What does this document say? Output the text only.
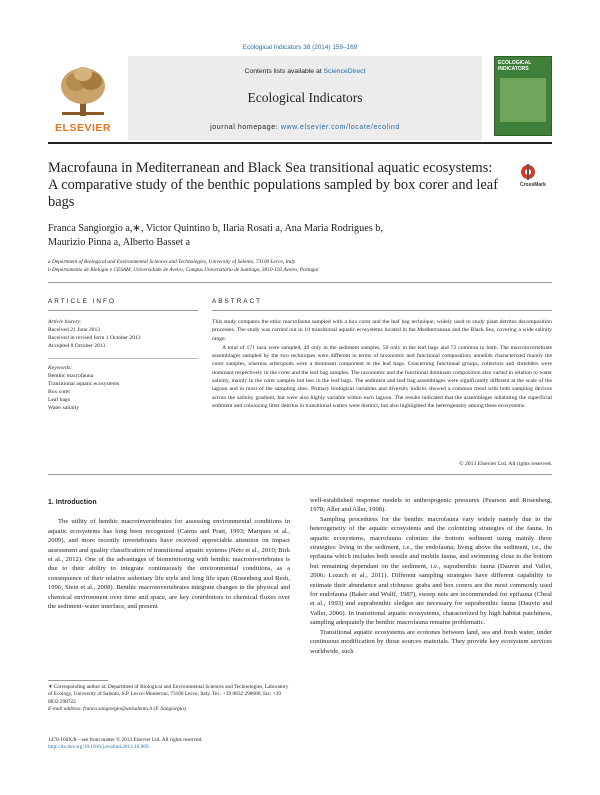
Ecological Indicators 38 (2014) 159–169
ELSEVIER
Contents lists available at ScienceDirect
Ecological Indicators
journal homepage: www.elsevier.com/locate/ecolind
ECOLOGICAL INDICATORS
Macrofauna in Mediterranean and Black Sea transitional aquatic ecosystems: A comparative study of the benthic populations sampled by box corer and leaf bags
CrossMark
Franca Sangiorgio a,∗, Victor Quintino b, Ilaria Rosati a, Ana Maria Rodrigues b,
Maurizio Pinna a, Alberto Basset a
a Department of Biological and Environmental Sciences and Technologies, University of Salento, 73100 Lecce, Italy
b Departamento de Biologia e CESAM, Universidade de Aveiro, Campus Universitário de Santiago, 3810-193 Aveiro, Portugal
ARTICLE INFO	ABSTRACT
Article history:
Received 21 June 2013
Received in revised form 1 October 2013
Accepted 8 October 2013
Keywords:
Benthic macrofauna
Transitional aquatic ecosystems
Box corer
Leaf bags
Water salinity

This study compares the ethic macrofauna sampled with a box corer and the leaf bag technique, widely used to study plant detritus decomposition processes. The study was carried out in 10 transitional aquatic ecosystems located in the Mediterranean and the Black Sea, covering a wide salinity range.

A total of 171 taxa were sampled, 49 only in the sediment samples, 50 only in the leaf bags and 72 common to both. The macroinvertebrate assemblages sampled by the two techniques were different in terms of taxonomic and functional composition; annelids characterized mainly the corer samples, whereas arthropods were a dominant component in the leaf bags. Concerning functional groups, collectors and shredders were dominant respectively in the corer and the leaf bag samples. The taxonomic and the functional dominant composition also varied in relation to water salinity, mainly in the corer samples but less in the leaf bags. The sediment and leaf bag assemblages were significantly different at the scale of the lagoon and in most of the sampling sites. Primary biological variables and diversity indices showed a common trend with both sampling devices across the salinity gradient, but were also highly variable within each lagoon. The results indicated that the assemblages inhabiting the superficial sediment and colonizing litter detritus in transitional waters were distinct, but also highlighted the heterogeneity among these ecosystems.

© 2013 Elsevier Ltd. All rights reserved.

1. Introduction

The utility of benthic macroinvertebrates for assessing environmental conditions in aquatic ecosystems has long been recognized (Cairns and Pratt, 1993; Marques et al., 2009), and more recently invertebrates have received appreciable attention on impact assessment and quality classification of transitional aquatic systems (Neto et al., 2010; Birk et al., 2012). One of the advantages of biomonitoring with benthic macroinvertebrates is due to their ability to integrate continuously the environmental conditions, as a consequence of their relative sedentary life style and long life span (Rosenberg and Resh, 1996; Stein et al., 2008). Benthic macroinvertebrates integrate changes in the physical and chemical environment over time and space, are key contributors to chemical fluxes over the sediment–water interface, and present

well-established response models to anthropogenic pressures (Pearson and Rosenberg, 1978; Aller and Aller, 1998).

Sampling procedures for the benthic macrofauna vary widely namely due to the heterogeneity of the aquatic ecosystems and the colonizing strategies of the fauna. In aquatic ecosystems, macrofauna colonize the bottom sediment using mainly three strategies: living in the sediment, i.e., the endofauna; living above the sediment, i.e., the epifauna which includes both sessile and mobile fauna, and swimming close to the bottom but remaining dependant on the sediment, i.e., suprabenthic fauna (Dauvin and Vallet, 2006; Lozach et al., 2011). Different sampling strategies have different capability to estimate their abundance and richness: grabs and box corers are the most commonly used for endofauna (Baker and Wolff, 1987), sweep nets are recommended for epifauna (Cheal et al., 1993) and suprabenthic sledges are necessary for suprabenthic fauna (Dauvin and Vallet, 2006). In transitional aquatic ecosystems, characterized by high habitat patchiness, sampling adequately the benthic macrofauna remains problematic.

Transitional aquatic ecosystems are ecotones between land, sea and fresh water, under continuous modification by those sources materials. They provide key ecosystem services worldwide, such

∗ Corresponding author at: Department of Biological and Environmental Sciences and Technologies, Laboratory of Ecology, University of Salento, S.P. Lecce-Monteroni, 73100 Lecce, Italy. Tel.: +39 0832 298606; fax: +39 0832 298722.
E-mail address: franca.sangiorgio@unisalento.it (F. Sangiorgio).
1470-160X/$ – see front matter © 2013 Elsevier Ltd. All rights reserved.
http://dx.doi.org/10.1016/j.ecolind.2013.10.009
